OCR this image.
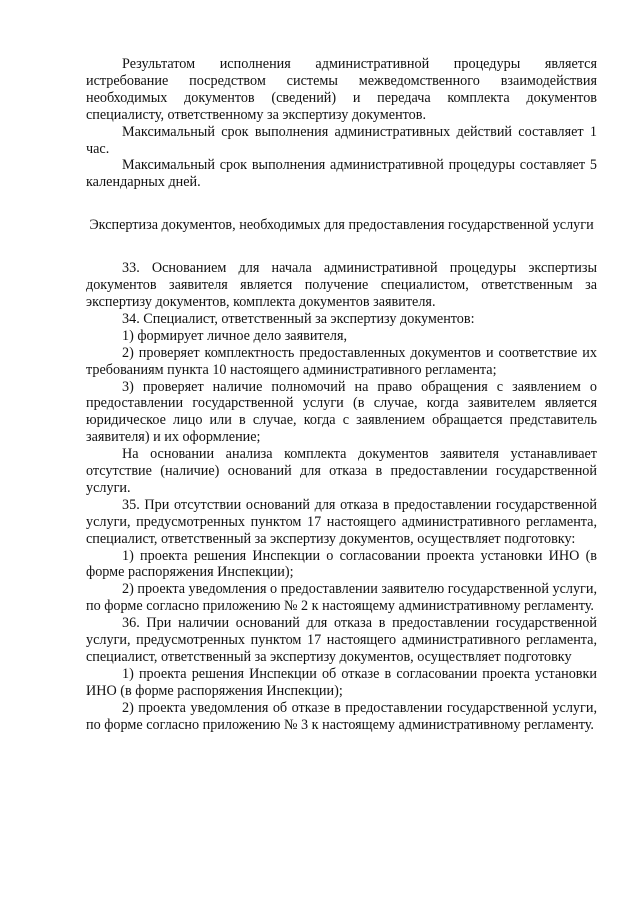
Результатом исполнения административной процедуры является истребование посредством системы межведомственного взаимодействия необходимых документов (сведений) и передача комплекта документов специалисту, ответственному за экспертизу документов.

Максимальный срок выполнения административных действий составляет 1 час.

Максимальный срок выполнения административной процедуры составляет 5 календарных дней.

Экспертиза документов, необходимых для предоставления государственной услуги

33. Основанием для начала административной процедуры экспертизы документов заявителя является получение специалистом, ответственным за экспертизу документов, комплекта документов заявителя.

34. Специалист, ответственный за экспертизу документов:

1) формирует личное дело заявителя,

2) проверяет комплектность предоставленных документов и соответствие их требованиям пункта 10 настоящего административного регламента;

3) проверяет наличие полномочий на право обращения с заявлением о предоставлении государственной услуги (в случае, когда заявителем является юридическое лицо или в случае, когда с заявлением обращается представитель заявителя) и их оформление;

На основании анализа комплекта документов заявителя устанавливает отсутствие (наличие) оснований для отказа в предоставлении государственной услуги.

35. При отсутствии оснований для отказа в предоставлении государственной услуги, предусмотренных пунктом 17 настоящего административного регламента, специалист, ответственный за экспертизу документов, осуществляет подготовку:

1) проекта решения Инспекции о согласовании проекта установки ИНО (в форме распоряжения Инспекции);

2) проекта уведомления о предоставлении заявителю государственной услуги, по форме согласно приложению № 2 к настоящему административному регламенту.

36. При наличии оснований для отказа в предоставлении государственной услуги, предусмотренных пунктом 17 настоящего административного регламента, специалист, ответственный за экспертизу документов, осуществляет подготовку

1) проекта решения Инспекции об отказе в согласовании проекта установки ИНО (в форме распоряжения Инспекции);

2) проекта уведомления об отказе в предоставлении государственной услуги, по форме согласно приложению № 3 к настоящему административному регламенту.
